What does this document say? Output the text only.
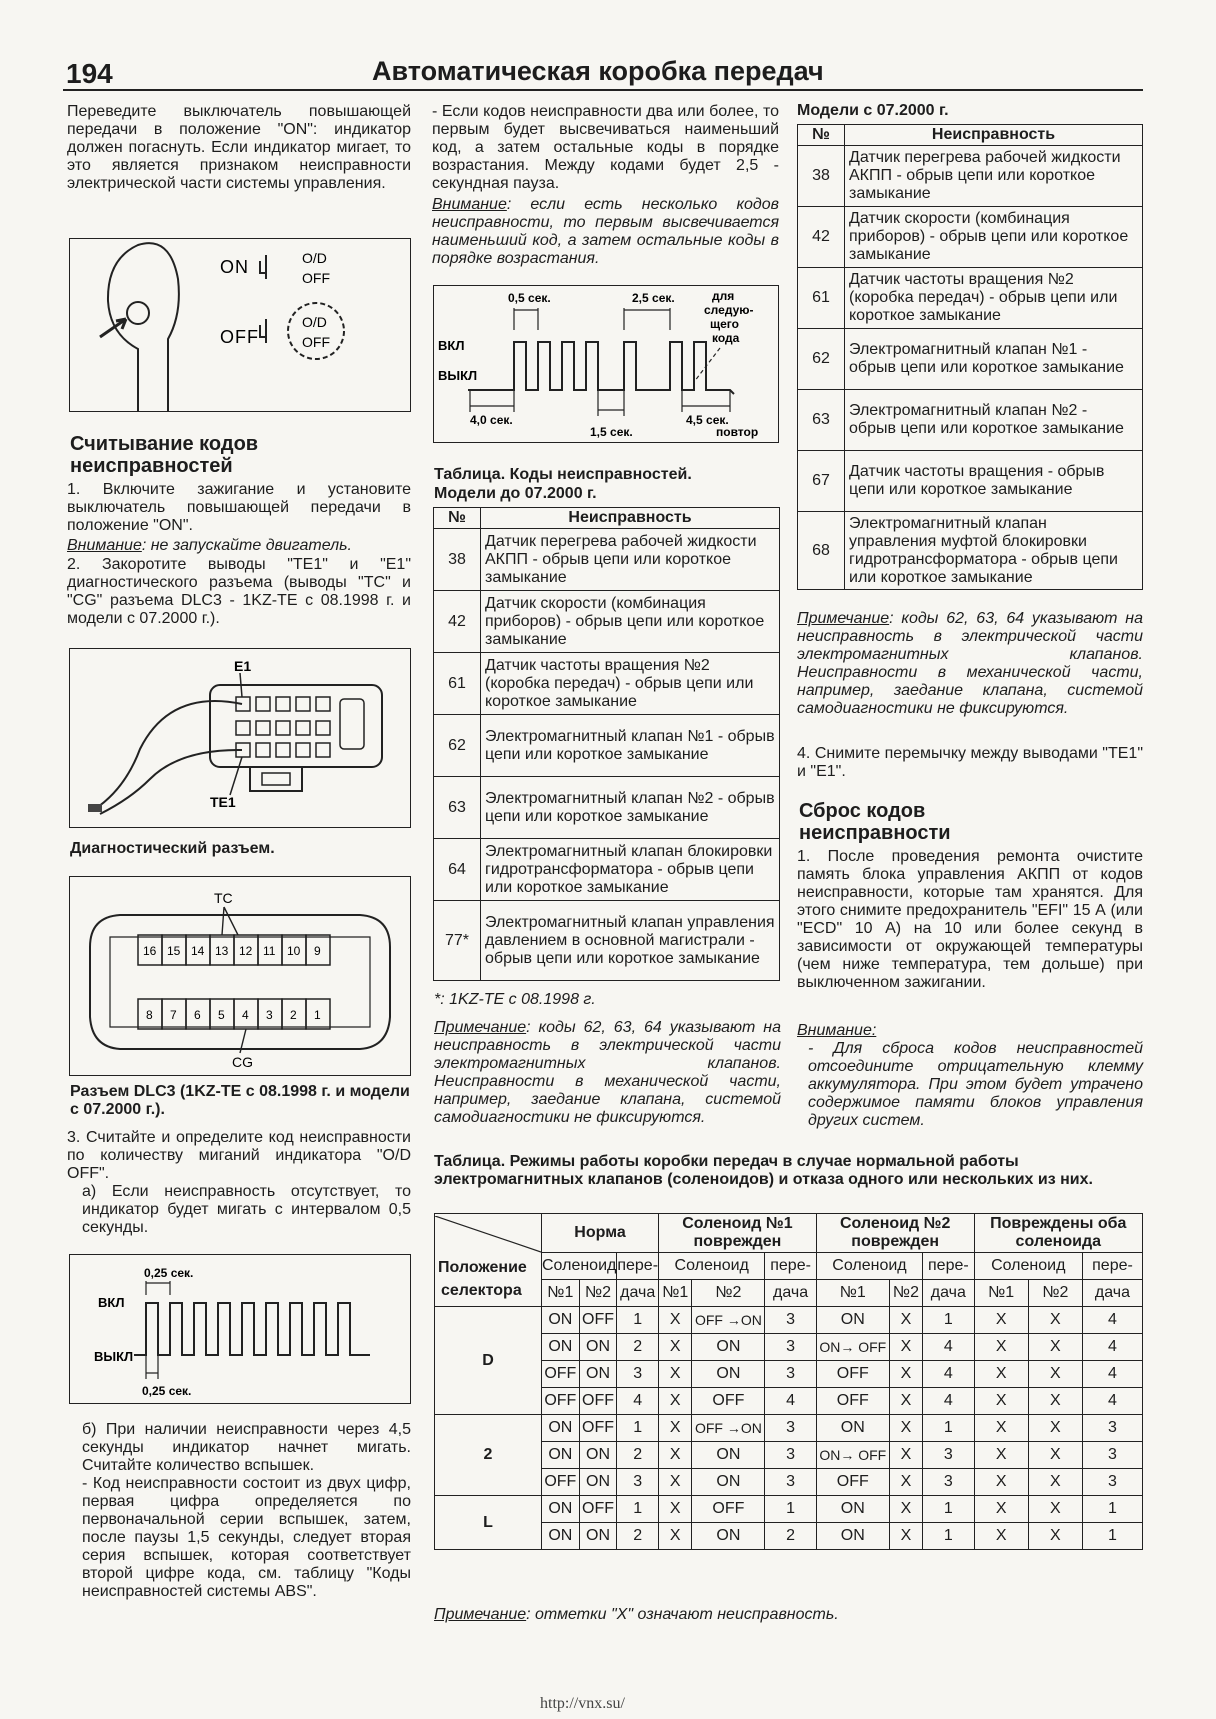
194	Автоматическая коробка передач

Переведите выключатель повышающей передачи в положение "ON": индикатор должен погаснуть. Если индикатор мигает, то это является признаком неисправности электрической части системы управления.

ON	O/D
OFF
OFF
O/D
OFF

Считывание кодов

неисправностей

1. Включите зажигание и установите выключатель повышающей передачи в положение "ON".

Внимание: не запускайте двигатель.

2. Закоротите выводы "TE1" и "E1" диагностического разъема (выводы "TC" и "CG" разъема DLC3 - 1KZ-TE с 08.1998 г. и модели с 07.2000 г.).

E1
TE1

Диагностический разъем.

16 15 14 13 12 11 10 9
8 7 6 5 4 3 2 1
TC
CG

Разъем DLC3 (1KZ-TE с 08.1998 г. и модели с 07.2000 г.).

3. Считайте и определите код неисправности по количеству миганий индикатора "O/D OFF".

а) Если неисправность отсутствует, то индикатор будет мигать с интервалом 0,5 секунды.

0,25 сек.
ВКЛ
ВЫКЛ
0,25 сек.

б) При наличии неисправности через 4,5 секунды индикатор начнет мигать. Считайте количество вспышек.

- Код неисправности состоит из двух цифр, первая цифра определяется по первоначальной серии вспышек, затем, после паузы 1,5 секунды, следует вторая серия вспышек, которая соответствует второй цифре кода, см. таблицу "Коды неисправностей системы ABS".

- Если кодов неисправности два или более, то первым будет высвечиваться наименьший код, а затем остальные коды в порядке возрастания. Между кодами будет 2,5 - секундная пауза.

Внимание: если есть несколько кодов неисправности, то первым высвечивается наименьший код, а затем остальные коды в порядке возрастания.

0,5 сек.	2,5 сек.	для
следую-
щего
кода
ВКЛ
ВЫКЛ
4,0 сек.
1,5 сек.
4,5 сек.
повтор

Таблица. Коды неисправностей.

Модели до 07.2000 г.

№	Неисправность
38	Датчик перегрева рабочей жидкости АКПП - обрыв цепи или короткое замыкание
42	Датчик скорости (комбинация приборов) - обрыв цепи или короткое замыкание
61	Датчик частоты вращения №2 (коробка передач) - обрыв цепи или короткое замыкание
62	Электромагнитный клапан №1 - обрыв цепи или короткое замыкание
63	Электромагнитный клапан №2 - обрыв цепи или короткое замыкание
64	Электромагнитный клапан блокировки гидротрансформатора - обрыв цепи или короткое замыкание
77*	Электромагнитный клапан управления давлением в основной магистрали - обрыв цепи или короткое замыкание

*: 1KZ-TE с 08.1998 г.

Примечание: коды 62, 63, 64 указывают на неисправность в электрической части электромагнитных клапанов. Неисправности в механической части, например, заедание клапана, системой самодиагностики не фиксируются.

Модели с 07.2000 г.

№	Неисправность
38	Датчик перегрева рабочей жидкости АКПП - обрыв цепи или короткое замыкание
42	Датчик скорости (комбинация приборов) - обрыв цепи или короткое замыкание
61	Датчик частоты вращения №2 (коробка передач) - обрыв цепи или короткое замыкание
62	Электромагнитный клапан №1 - обрыв цепи или короткое замыкание
63	Электромагнитный клапан №2 - обрыв цепи или короткое замыкание
67	Датчик частоты вращения - обрыв цепи или короткое замыкание
68	Электромагнитный клапан управления муфтой блокировки гидротрансформатора - обрыв цепи или короткое замыкание

Примечание: коды 62, 63, 64 указывают на неисправность в электрической части электромагнитных клапанов. Неисправности в механической части, например, заедание клапана, системой самодиагностики не фиксируются.

4. Снимите перемычку между выводами "TE1" и "E1".

Сброс кодов

неисправности

1. После проведения ремонта очистите память блока управления АКПП от кодов неисправности, которые там хранятся. Для этого снимите предохранитель "EFI" 15 А (или "ECD" 10 А) на 10 или более секунд в зависимости от окружающей температуры (чем ниже температура, тем дольше) при выключенном зажигании.

Внимание:

- Для сброса кодов неисправностей отсоедините отрицательную клемму аккумулятора. При этом будет утрачено содержимое памяти блоков управления других систем.

Таблица. Режимы работы коробки передач в случае нормальной работы электромагнитных клапанов (соленоидов) и отказа одного или нескольких из них.

	Норма			Соленоид №1 поврежден			Соленоид №2 поврежден			Повреждены оба соленоида		
	Соленоид		пере-	Соленоид		пере-	Соленоид		пере-	Соленоид		пере-
	№1	№2	дача	№1	№2	дача	№1	№2	дача	№1	№2	дача
D	ON	OFF	1	X	OFF →ON	3	ON	X	1	X	X	4
	ON	ON	2	X	ON	3	ON→ OFF	X	4	X	X	4
	OFF	ON	3	X	ON	3	OFF	X	4	X	X	4
	OFF	OFF	4	X	OFF	4	OFF	X	4	X	X	4
2	ON	OFF	1	X	OFF →ON	3	ON	X	1	X	X	3
	ON	ON	2	X	ON	3	ON→ OFF	X	3	X	X	3
	OFF	ON	3	X	ON	3	OFF	X	3	X	X	3
L	ON	OFF	1	X	OFF	1	ON	X	1	X	X	1
	ON	ON	2	X	ON	2	ON	X	1	X	X	1
Положение
селектора

Примечание: отметки "X" означают неисправность.

http://vnx.su/
